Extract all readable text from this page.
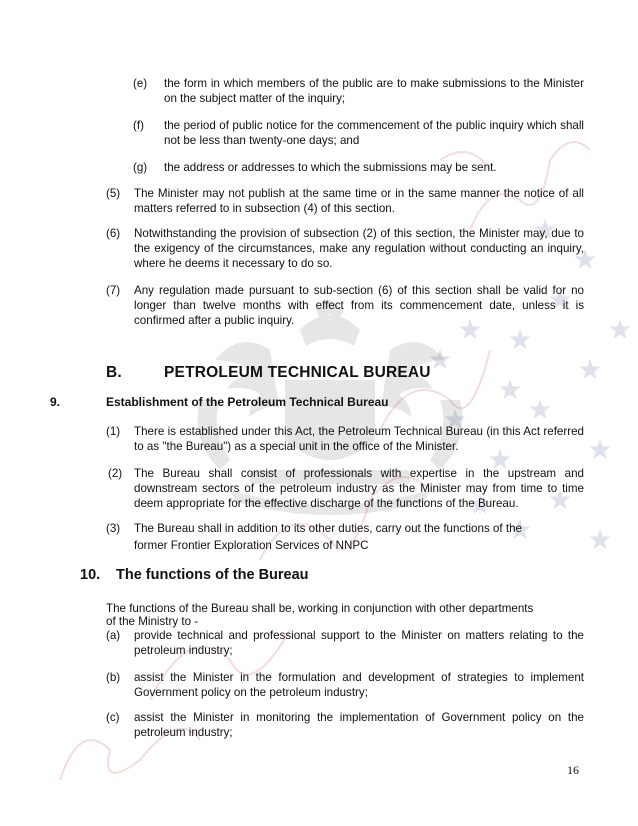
(e) the form in which members of the public are to make submissions to the Minister on the subject matter of the inquiry;
(f) the period of public notice for the commencement of the public inquiry which shall not be less than twenty-one days; and
(g) the address or addresses to which the submissions may be sent.
(5) The Minister may not publish at the same time or in the same manner the notice of all matters referred to in subsection (4) of this section.
(6) Notwithstanding the provision of subsection (2) of this section, the Minister may, due to the exigency of the circumstances, make any regulation without conducting an inquiry, where he deems it necessary to do so.
(7) Any regulation made pursuant to sub-section (6) of this section shall be valid for no longer than twelve months with effect from its commencement date, unless it is confirmed after a public inquiry.
B.	PETROLEUM TECHNICAL BUREAU
9.	Establishment of the Petroleum Technical Bureau
(1) There is established under this Act, the Petroleum Technical Bureau (in this Act referred to as "the Bureau") as a special unit in the office of the Minister.
(2) The Bureau shall consist of professionals with expertise in the upstream and downstream sectors of the petroleum industry as the Minister may from time to time deem appropriate for the effective discharge of the functions of the Bureau.
(3) The Bureau shall in addition to its other duties, carry out the functions of the
former Frontier Exploration Services of NNPC
10. The functions of the Bureau
The functions of the Bureau shall be, working in conjunction with other departments
of the Ministry to -
(a) provide technical and professional support to the Minister on matters relating to the petroleum industry;
(b) assist the Minister in the formulation and development of strategies to implement Government policy on the petroleum industry;
(c) assist the Minister in monitoring the implementation of Government policy on the petroleum industry;
16
